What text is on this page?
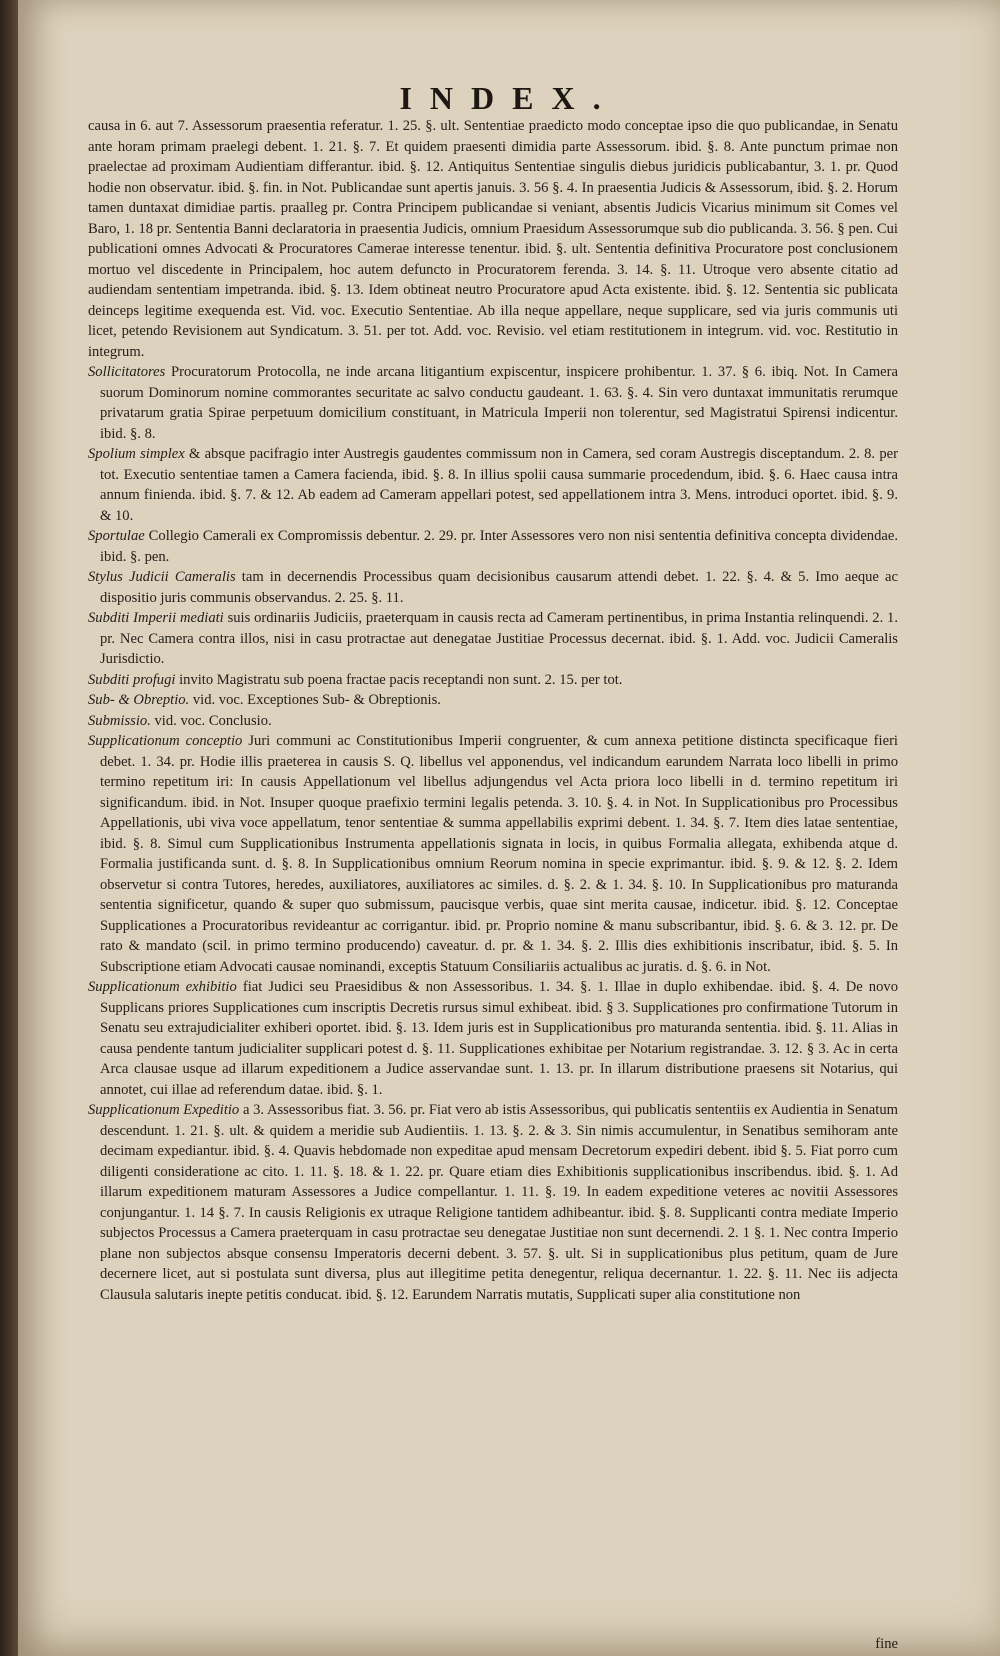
INDEX.

causa in 6. aut 7. Assessorum praesentia referatur. 1. 25. §. ult. Sententiae praedicto modo conceptae ipso die quo publicandae, in Senatu ante horam primam praelegi debent. 1. 21. §. 7. Et quidem praesenti dimidia parte Assessorum. ibid. §. 8. Ante punctum primae non praelectae ad proximam Audientiam differantur. ibid. §. 12. Antiquitus Sententiae singulis diebus juridicis publicabantur, 3. 1. pr. Quod hodie non observatur. ibid. §. fin. in Not. Publicandae sunt apertis januis. 3. 56 §. 4. In praesentia Judicis & Assessorum, ibid. §. 2. Horum tamen duntaxat dimidiae partis. praalleg pr. Contra Principem publicandae si veniant, absentis Judicis Vicarius minimum sit Comes vel Baro, 1. 18 pr. Sententia Banni declaratoria in praesentia Judicis, omnium Praesidum Assessorumque sub dio publicanda. 3. 56. § pen. Cui publicationi omnes Advocati & Procuratores Camerae interesse tenentur. ibid. §. ult. Sententia definitiva Procuratore post conclusionem mortuo vel discedente in Principalem, hoc autem defuncto in Procuratorem ferenda. 3. 14. §. 11. Utroque vero absente citatio ad audiendam sententiam impetranda. ibid. §. 13. Idem obtineat neutro Procuratore apud Acta existente. ibid. §. 12. Sententia sic publicata deinceps legitime exequenda est. Vid. voc. Executio Sententiae. Ab illa neque appellare, neque supplicare, sed via juris communis uti licet, petendo Revisionem aut Syndicatum. 3. 51. per tot. Add. voc. Revisio. vel etiam restitutionem in integrum. vid. voc. Restitutio in integrum.

Sollicitatores Procuratorum Protocolla, ne inde arcana litigantium expiscentur, inspicere prohibentur. 1. 37. § 6. ibiq. Not. In Camera suorum Dominorum nomine commorantes securitate ac salvo conductu gaudeant. 1. 63. §. 4. Sin vero duntaxat immunitatis rerumque privatarum gratia Spirae perpetuum domicilium constituant, in Matricula Imperii non tolerentur, sed Magistratui Spirensi indicentur. ibid. §. 8.

Spolium simplex & absque pacifragio inter Austregis gaudentes commissum non in Camera, sed coram Austregis disceptandum. 2. 8. per tot. Executio sententiae tamen a Camera facienda, ibid. §. 8. In illius spolii causa summarie procedendum, ibid. §. 6. Haec causa intra annum finienda. ibid. §. 7. & 12. Ab eadem ad Cameram appellari potest, sed appellationem intra 3. Mens. introduci oportet. ibid. §. 9. & 10.

Sportulae Collegio Camerali ex Compromissis debentur. 2. 29. pr. Inter Assessores vero non nisi sententia definitiva concepta dividendae. ibid. §. pen.

Stylus Judicii Cameralis tam in decernendis Processibus quam decisionibus causarum attendi debet. 1. 22. §. 4. & 5. Imo aeque ac dispositio juris communis observandus. 2. 25. §. 11.

Subditi Imperii mediati suis ordinariis Judiciis, praeterquam in causis recta ad Cameram pertinentibus, in prima Instantia relinquendi. 2. 1. pr. Nec Camera contra illos, nisi in casu protractae aut denegatae Justitiae Processus decernat. ibid. §. 1. Add. voc. Judicii Cameralis Jurisdictio.

Subditi profugi invito Magistratu sub poena fractae pacis receptandi non sunt. 2. 15. per tot.

Sub- & Obreptio. vid. voc. Exceptiones Sub- & Obreptionis.

Submissio. vid. voc. Conclusio.

Supplicationum conceptio Juri communi ac Constitutionibus Imperii congruenter, & cum annexa petitione distincta specificaque fieri debet. 1. 34. pr. Hodie illis praeterea in causis S. Q. libellus vel apponendus, vel indicandum earundem Narrata loco libelli in primo termino repetitum iri: In causis Appellationum vel libellus adjungendus vel Acta priora loco libelli in d. termino repetitum iri significandum. ibid. in Not. Insuper quoque praefixio termini legalis petenda. 3. 10. §. 4. in Not. In Supplicationibus pro Processibus Appellationis, ubi viva voce appellatum, tenor sententiae & summa appellabilis exprimi debent. 1. 34. §. 7. Item dies latae sententiae, ibid. §. 8. Simul cum Supplicationibus Instrumenta appellationis signata in locis, in quibus Formalia allegata, exhibenda atque d. Formalia justificanda sunt. d. §. 8. In Supplicationibus omnium Reorum nomina in specie exprimantur. ibid. §. 9. & 12. §. 2. Idem observetur si contra Tutores, heredes, auxiliatores, auxiliatores ac similes. d. §. 2. & 1. 34. §. 10. In Supplicationibus pro maturanda sententia significetur, quando & super quo submissum, paucisque verbis, quae sint merita causae, indicetur. ibid. §. 12. Conceptae Supplicationes a Procuratoribus revideantur ac corrigantur. ibid. pr. Proprio nomine & manu subscribantur, ibid. §. 6. & 3. 12. pr. De rato & mandato (scil. in primo termino producendo) caveatur. d. pr. & 1. 34. §. 2. Illis dies exhibitionis inscribatur, ibid. §. 5. In Subscriptione etiam Advocati causae nominandi, exceptis Statuum Consiliariis actualibus ac juratis. d. §. 6. in Not.

Supplicationum exhibitio fiat Judici seu Praesidibus & non Assessoribus. 1. 34. §. 1. Illae in duplo exhibendae. ibid. §. 4. De novo Supplicans priores Supplicationes cum inscriptis Decretis rursus simul exhibeat. ibid. § 3. Supplicationes pro confirmatione Tutorum in Senatu seu extrajudicialiter exhiberi oportet. ibid. §. 13. Idem juris est in Supplicationibus pro maturanda sententia. ibid. §. 11. Alias in causa pendente tantum judicialiter supplicari potest d. §. 11. Supplicationes exhibitae per Notarium registrandae. 3. 12. § 3. Ac in certa Arca clausae usque ad illarum expeditionem a Judice asservandae sunt. 1. 13. pr. In illarum distributione praesens sit Notarius, qui annotet, cui illae ad referendum datae. ibid. §. 1.

Supplicationum Expeditio a 3. Assessoribus fiat. 3. 56. pr. Fiat vero ab istis Assessoribus, qui publicatis sententiis ex Audientia in Senatum descendunt. 1. 21. §. ult. & quidem a meridie sub Audientiis. 1. 13. §. 2. & 3. Sin nimis accumulentur, in Senatibus semihoram ante decimam expediantur. ibid. §. 4. Quavis hebdomade non expeditae apud mensam Decretorum expediri debent. ibid §. 5. Fiat porro cum diligenti consideratione ac cito. 1. 11. §. 18. & 1. 22. pr. Quare etiam dies Exhibitionis supplicationibus inscribendus. ibid. §. 1. Ad illarum expeditionem maturam Assessores a Judice compellantur. 1. 11. §. 19. In eadem expeditione veteres ac novitii Assessores conjungantur. 1. 14 §. 7. In causis Religionis ex utraque Religione tantidem adhibeantur. ibid. §. 8. Supplicanti contra mediate Imperio subjectos Processus a Camera praeterquam in casu protractae seu denegatae Justitiae non sunt decernendi. 2. 1 §. 1. Nec contra Imperio plane non subjectos absque consensu Imperatoris decerni debent. 3. 57. §. ult. Si in supplicationibus plus petitum, quam de Jure decernere licet, aut si postulata sunt diversa, plus aut illegitime petita denegentur, reliqua decernantur. 1. 22. §. 11. Nec iis adjecta Clausula salutaris inepte petitis conducat. ibid. §. 12. Earundem Narratis mutatis, Supplicati super alia constitutione non

fine
